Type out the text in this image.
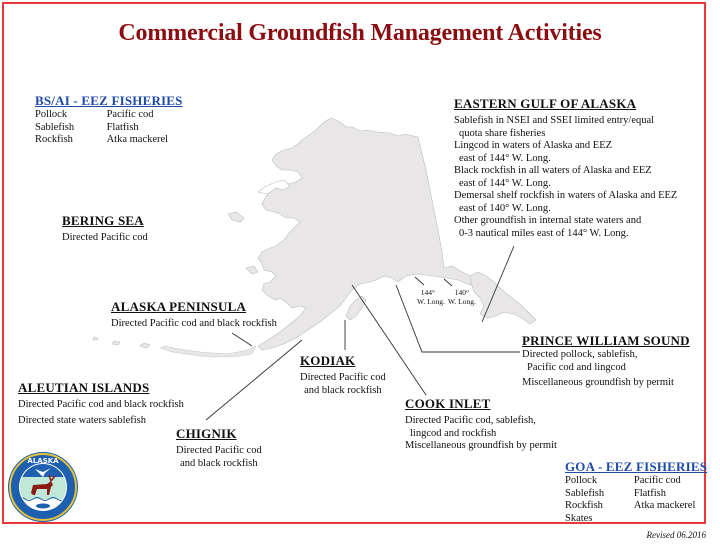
Commercial Groundfish Management Activities
BS/AI - EEZ FISHERIES
Pollock	Pacific cod
Sablefish	Flatfish
Rockfish	Atka mackerel
EASTERN GULF OF ALASKA
Sablefish in NSEI and SSEI limited entry/equal
quota share fisheries
Lingcod in waters of Alaska and EEZ
east of 144° W. Long.
Black rockfish in all waters of Alaska and EEZ
east of 144° W. Long.
Demersal shelf rockfish in waters of Alaska and EEZ
east of 140° W. Long.
Other groundfish in internal state waters and
0-3 nautical miles east of 144° W. Long.
BERING SEA
Directed Pacific cod
ALASKA PENINSULA
Directed Pacific cod and black rockfish
ALEUTIAN ISLANDS
Directed Pacific cod and black rockfish
Directed state waters sablefish
CHIGNIK
Directed Pacific cod
and black rockfish
KODIAK
Directed Pacific cod
and black rockfish
COOK INLET
Directed Pacific cod, sablefish,
lingcod and rockfish
Miscellaneous groundfish by permit
PRINCE WILLIAM SOUND
Directed pollock, sablefish,
Pacific cod and lingcod
Miscellaneous groundfish by permit
GOA - EEZ FISHERIES
Pollock	Pacific cod
Sablefish	Flatfish
Rockfish	Atka mackerel
Skates
144°
W. Long.
140°
W. Long.
ALASKA
Revised 06.2016
